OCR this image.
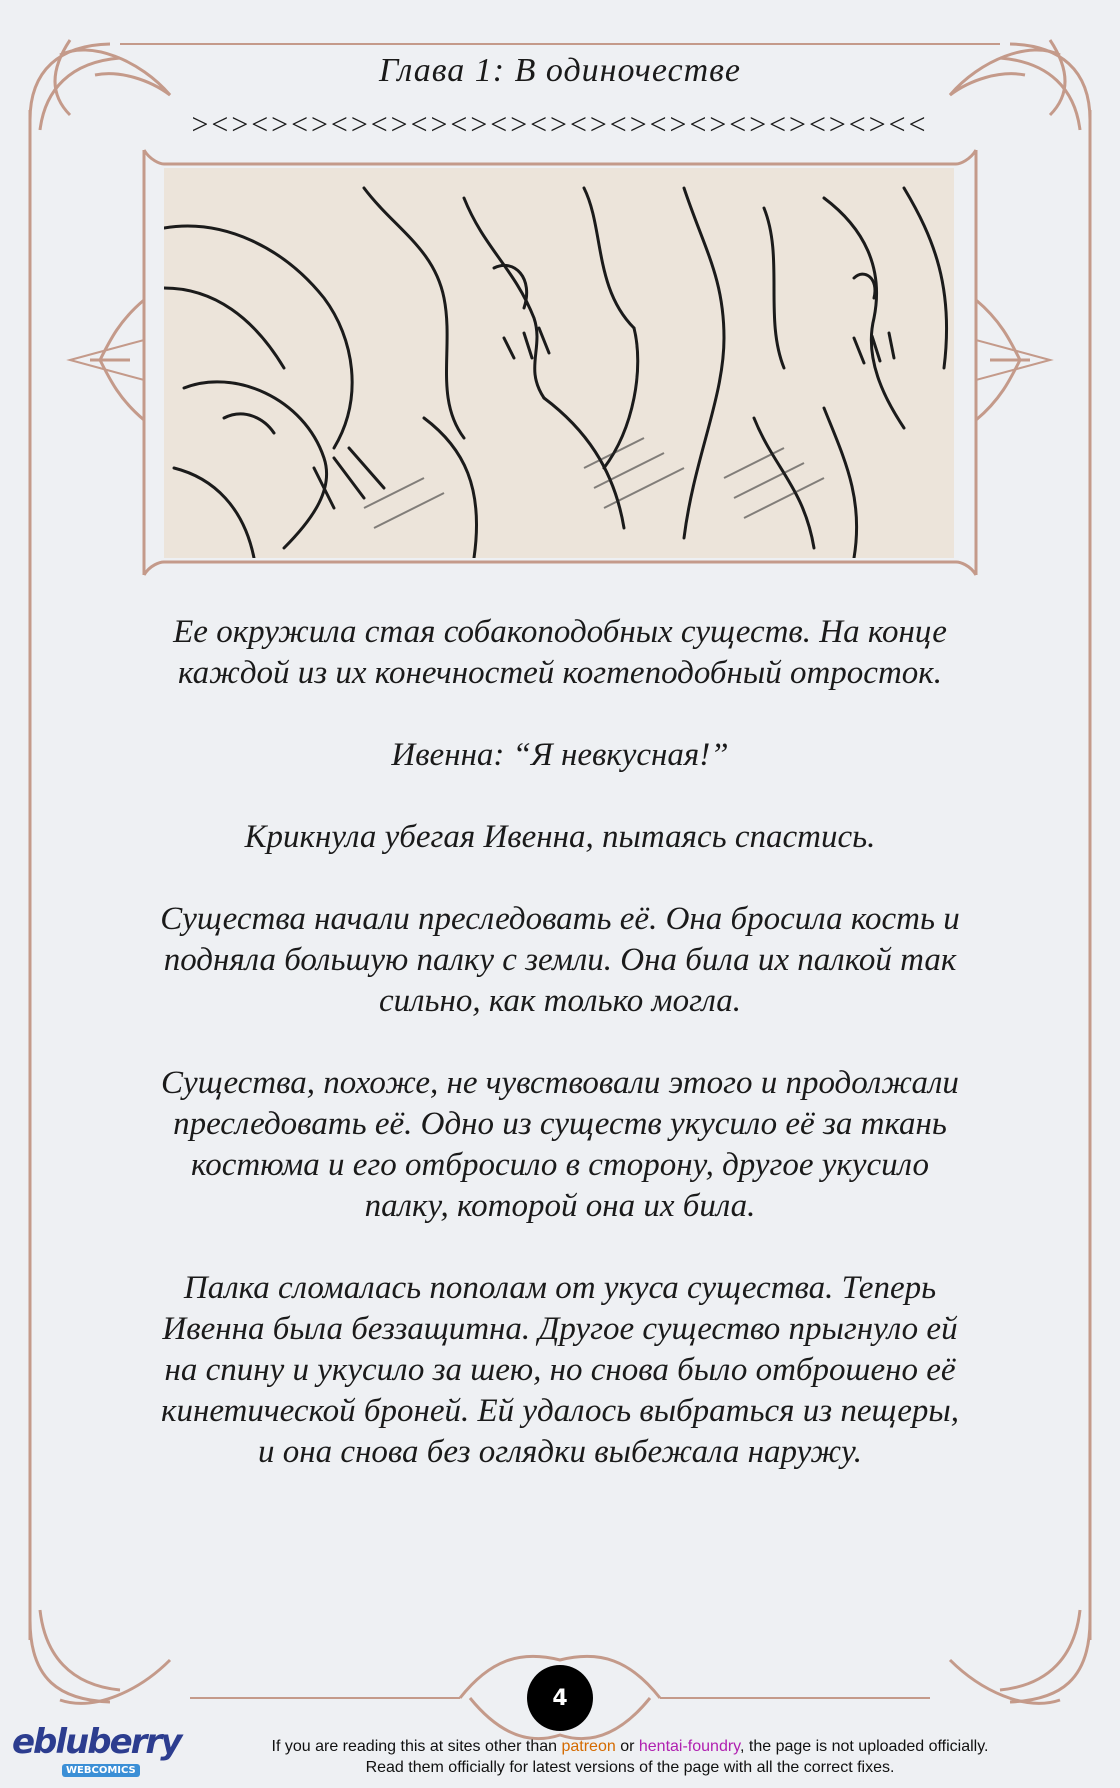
Глава 1: В одиночестве
><><><><><><><><><><><><><><><><><><<

Ее окружила стая собакоподобных существ. На конце каждой из их конечностей когтеподобный отросток.

Ивенна: “Я невкусная!”

Крикнула убегая Ивенна, пытаясь спастись.

Существа начали преследовать её. Она бросила кость и подняла большую палку с земли. Она била их палкой так сильно, как только могла.

Существа, похоже, не чувствовали этого и продолжали преследовать её. Одно из существ укусило её за ткань костюма и его отбросило в сторону, другое укусило палку, которой она их била.

Палка сломалась пополам от укуса существа. Теперь Ивенна была беззащитна. Другое существо прыгнуло ей на спину и укусило за шею, но снова было отброшено её кинетической броней. Ей удалось выбраться из пещеры, и она снова без оглядки выбежала наружу.

4
ebluberry
WEBCOMICS
If you are reading this at sites other than patreon or hentai-foundry, the page is not uploaded officially.
Read them officially for latest versions of the page with all the correct fixes.
